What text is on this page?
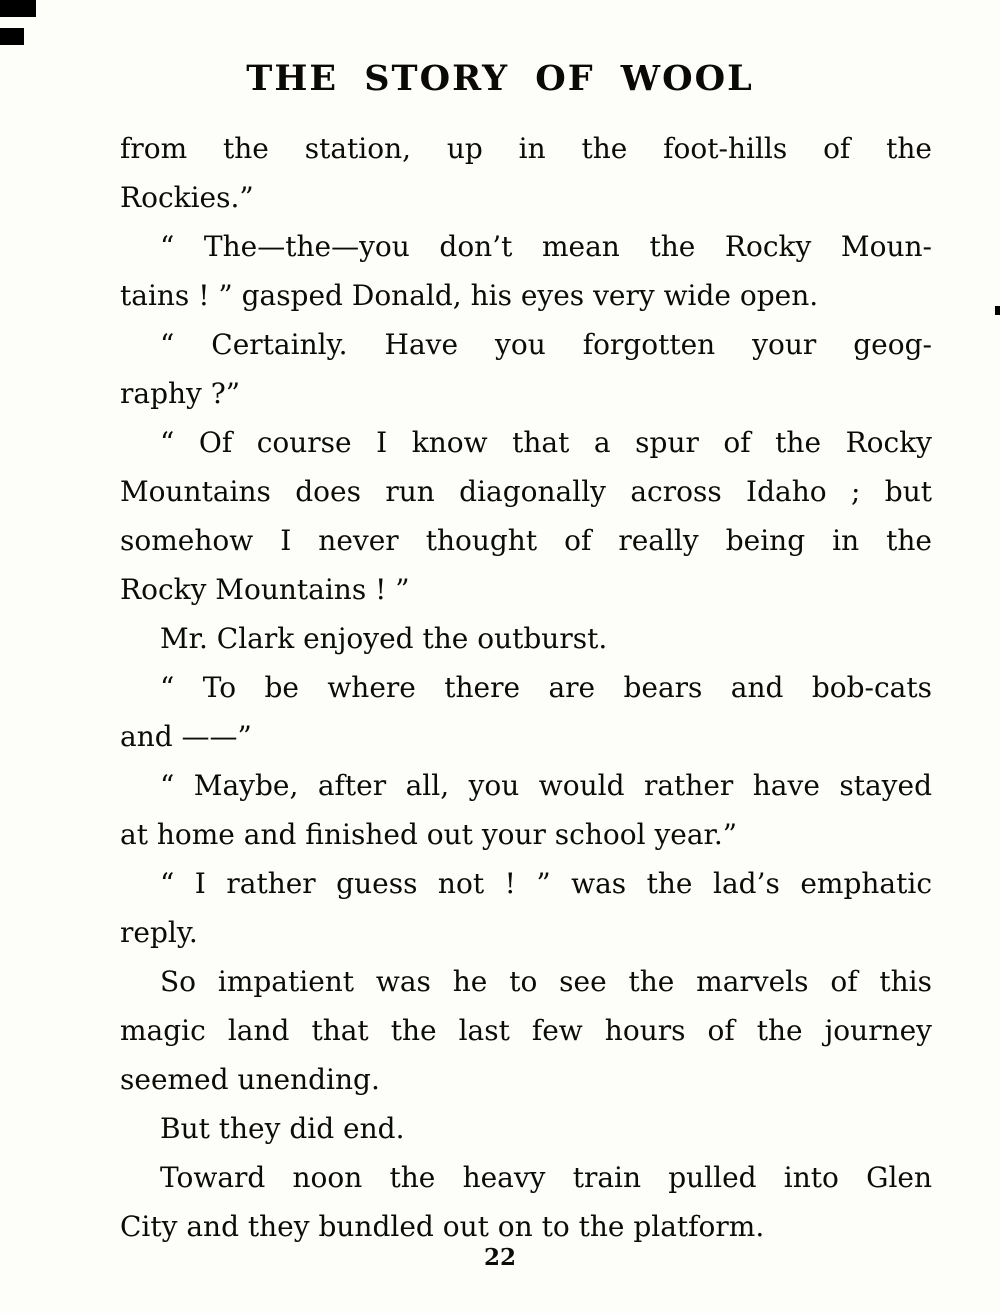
THE STORY OF WOOL
from the station, up in the foot-hills of the
Rockies.”
“ The—the—you don’t mean the Rocky Moun-
tains ! ” gasped Donald, his eyes very wide open.
“ Certainly. Have you forgotten your geog-
raphy ?”
“ Of course I know that a spur of the Rocky
Mountains does run diagonally across Idaho ; but
somehow I never thought of really being in the
Rocky Mountains ! ”
Mr. Clark enjoyed the outburst.
“ To be where there are bears and bob-cats
and ——”
“ Maybe, after all, you would rather have stayed
at home and finished out your school year.”
“ I rather guess not ! ” was the lad’s emphatic
reply.
So impatient was he to see the marvels of this
magic land that the last few hours of the journey
seemed unending.
But they did end.
Toward noon the heavy train pulled into Glen
City and they bundled out on to the platform.
22
